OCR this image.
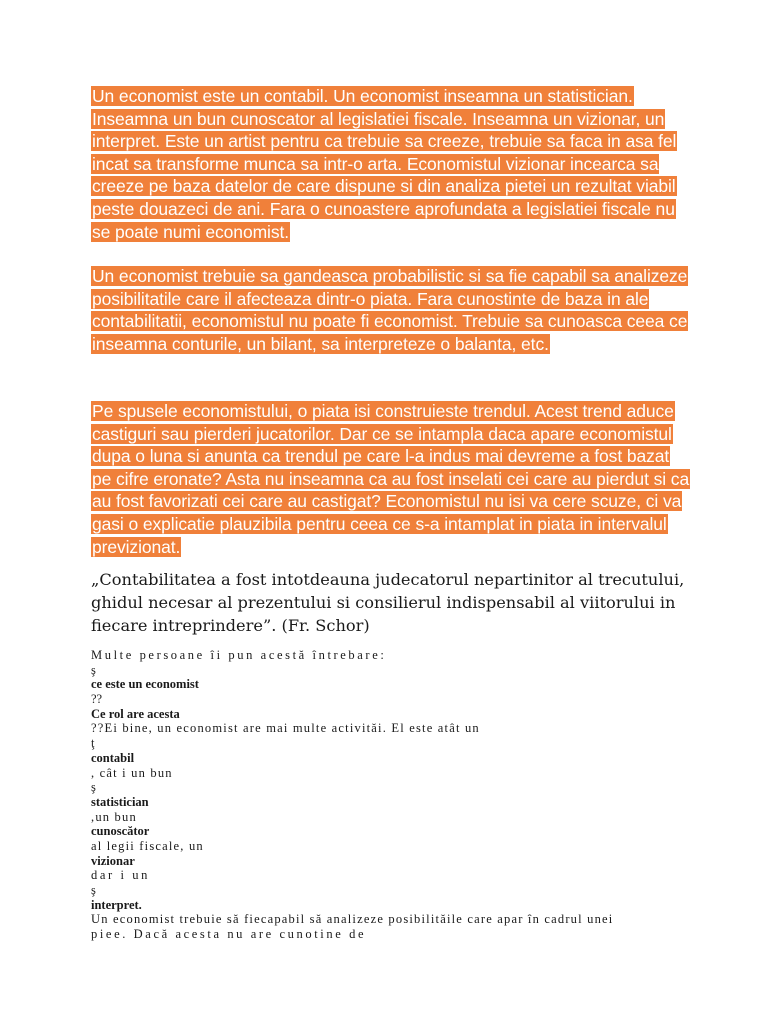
Un economist este un contabil. Un economist inseamna un statistician. Inseamna un bun cunoscator al legislatiei fiscale. Inseamna un vizionar, un interpret. Este un artist pentru ca trebuie sa creeze, trebuie sa faca in asa fel incat sa transforme munca sa intr-o arta. Economistul vizionar incearca sa creeze pe baza datelor de care dispune si din analiza pietei un rezultat viabil peste douazeci de ani. Fara o cunoastere aprofundata a legislatiei fiscale nu se poate numi economist.

Un economist trebuie sa gandeasca probabilistic si sa fie capabil sa analizeze posibilitatile care il afecteaza dintr-o piata. Fara cunostinte de baza in ale contabilitatii, economistul nu poate fi economist. Trebuie sa cunoasca ceea ce inseamna conturile, un bilant, sa interpreteze o balanta, etc.

Pe spusele economistului, o piata isi construieste trendul. Acest trend aduce castiguri sau pierderi jucatorilor. Dar ce se intampla daca apare economistul dupa o luna si anunta ca trendul pe care l-a indus mai devreme a fost bazat pe cifre eronate? Asta nu inseamna ca au fost inselati cei care au pierdut si ca au fost favorizati cei care au castigat? Economistul nu isi va cere scuze, ci va gasi o explicatie plauzibila pentru ceea ce s-a intamplat in piata in intervalul previzionat.

„Contabilitatea a fost intotdeauna judecatorul nepartinitor al trecutului, ghidul necesar al prezentului si consilierul indispensabil al viitorului in fiecare intreprindere”. (Fr. Schor)

Multe persoane îi pun acestă întrebare:
ş
ce este un economist
??
Ce rol are acesta
??Ei bine, un economist are mai multe activităi. El este atât un
ţ
contabil
, cât i un bun
ş
statistician
,un bun
cunoscător
al legii fiscale, un
vizionar
dar i un
ş
interpret.
Un economist trebuie să fiecapabil să analizeze posibilităile care apar în cadrul unei
piee. Dacă acesta nu are cunotine de
